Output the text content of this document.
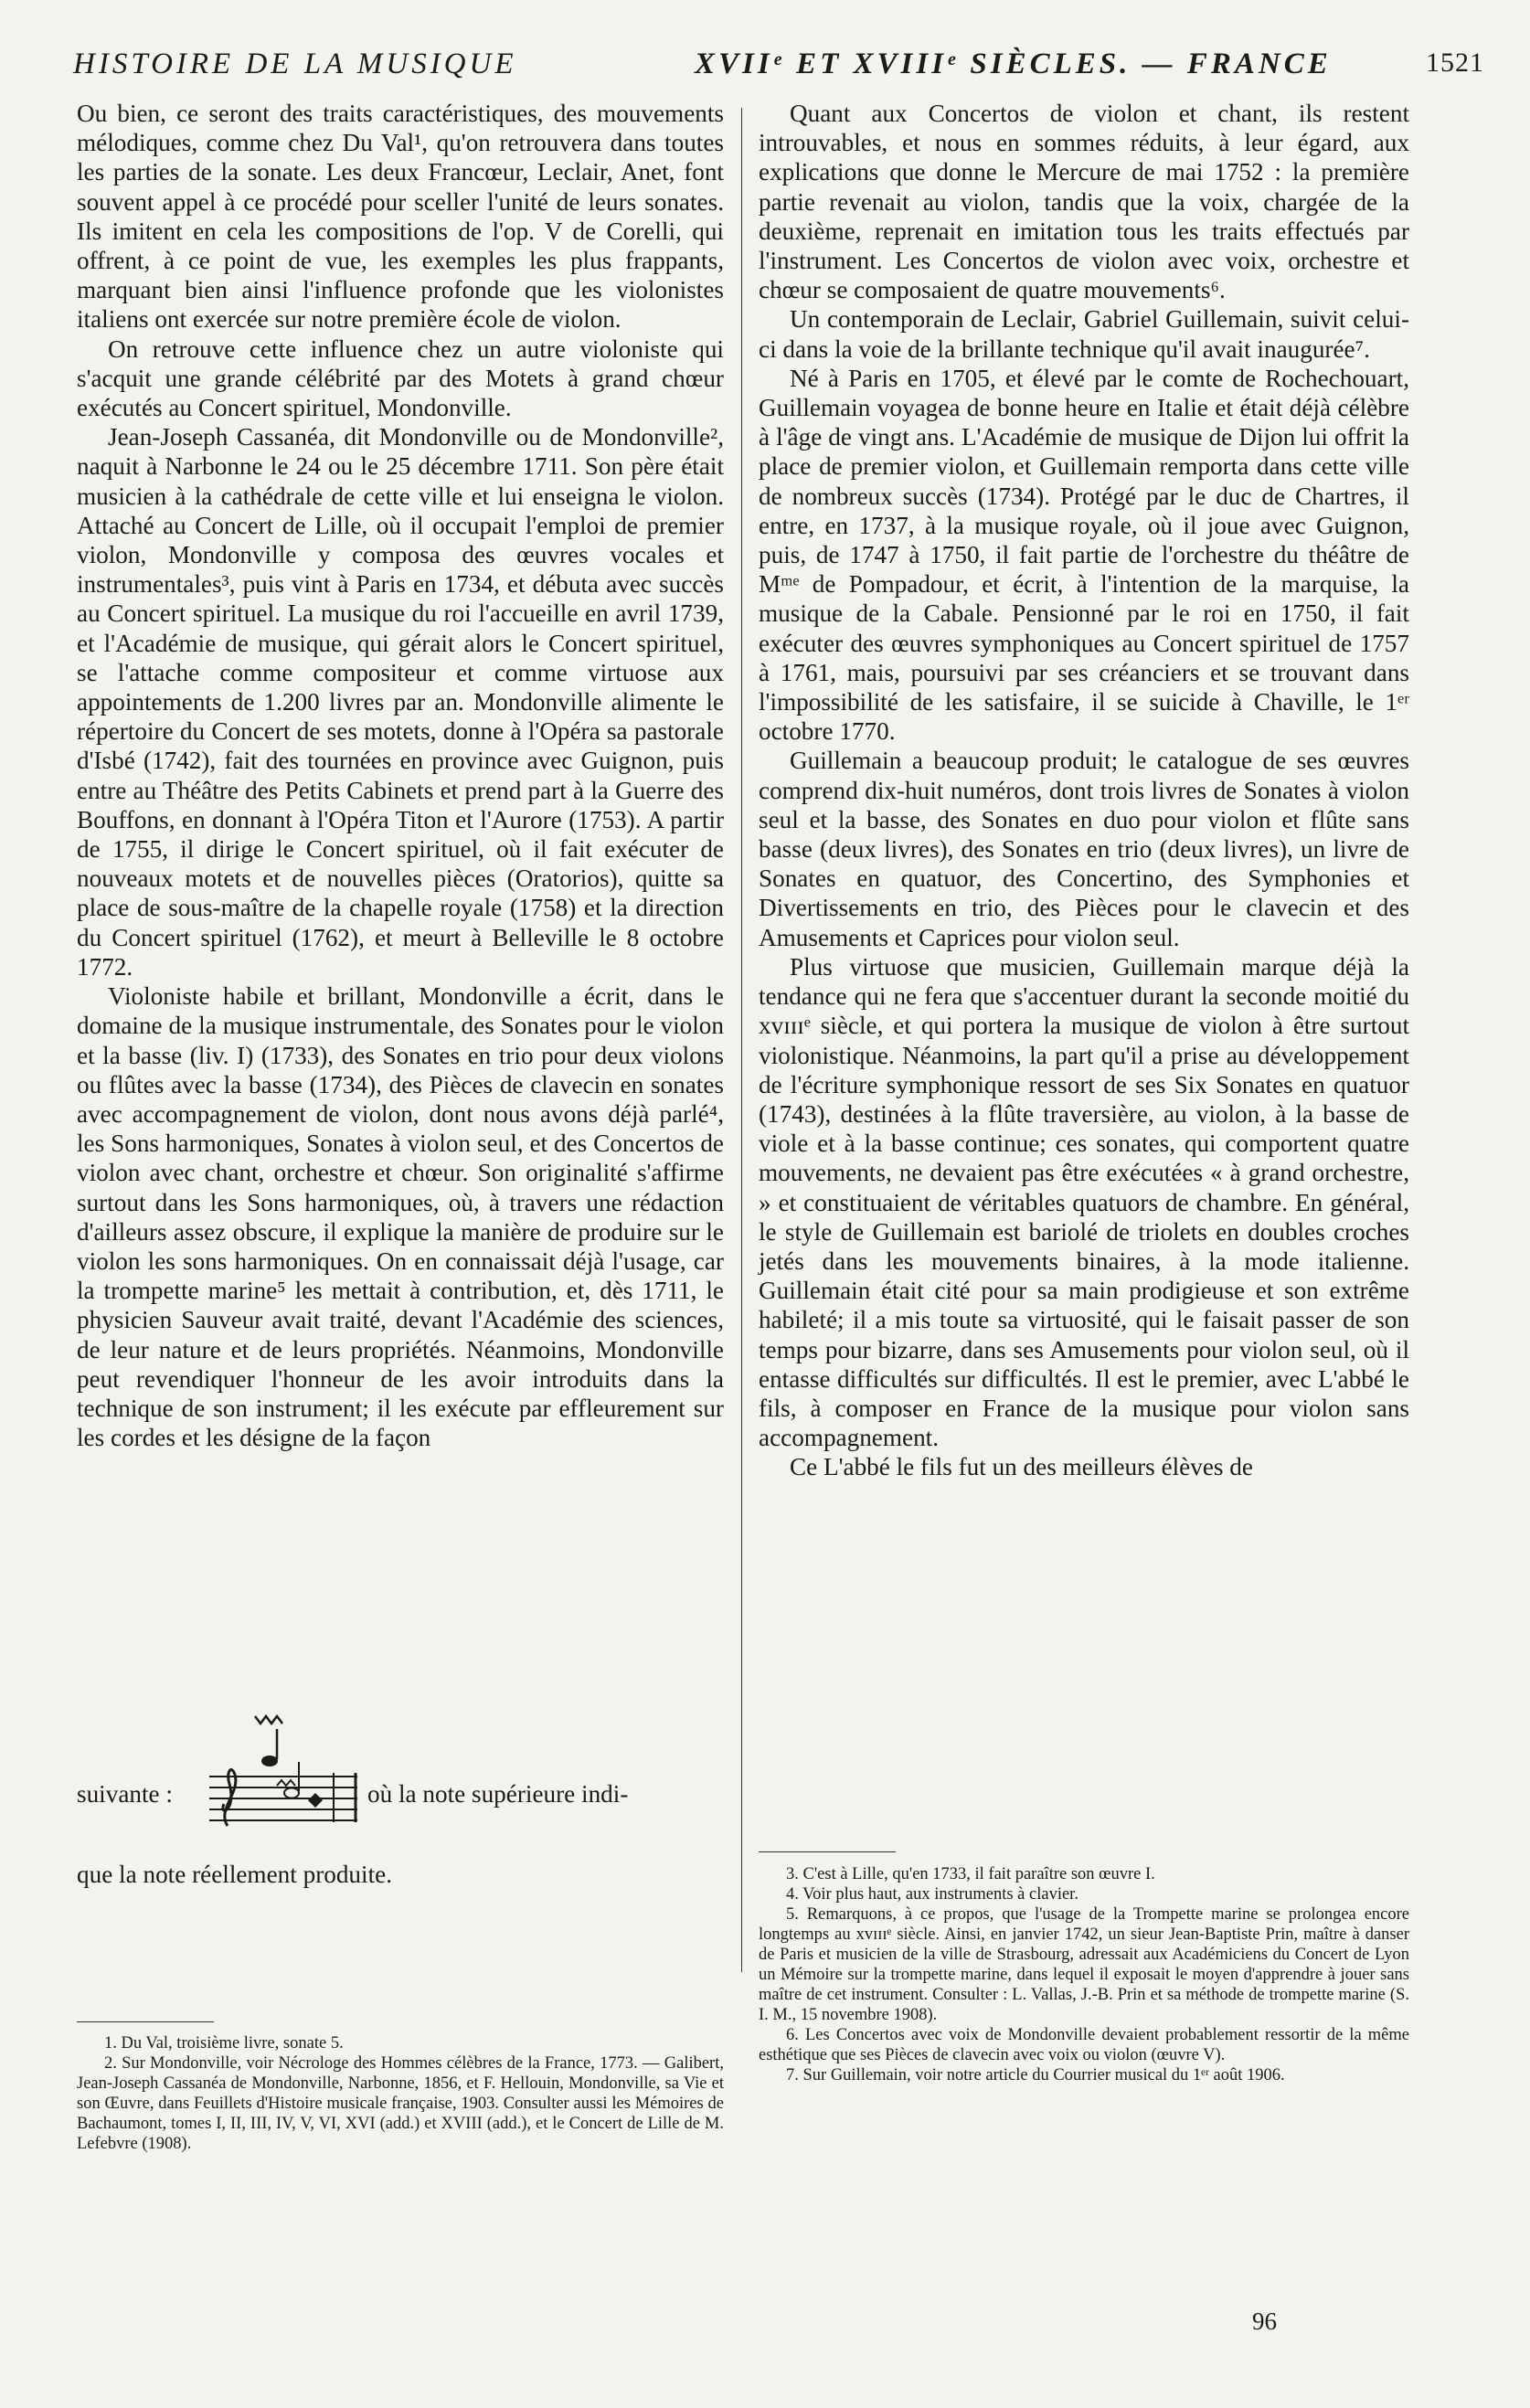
HISTOIRE DE LA MUSIQUE	XVIIᵉ ET XVIIIᵉ SIÈCLES. — FRANCE	1521

Ou bien, ce seront des traits caractéristiques, des mouvements mélodiques, comme chez Du Val¹, qu'on retrouvera dans toutes les parties de la sonate. Les deux Francœur, Leclair, Anet, font souvent appel à ce procédé pour sceller l'unité de leurs sonates. Ils imitent en cela les compositions de l'op. V de Corelli, qui offrent, à ce point de vue, les exemples les plus frappants, marquant bien ainsi l'influence profonde que les violonistes italiens ont exercée sur notre première école de violon.

On retrouve cette influence chez un autre violoniste qui s'acquit une grande célébrité par des Motets à grand chœur exécutés au Concert spirituel, Mondonville.

Jean-Joseph Cassanéa, dit Mondonville ou de Mondonville², naquit à Narbonne le 24 ou le 25 décembre 1711. Son père était musicien à la cathédrale de cette ville et lui enseigna le violon. Attaché au Concert de Lille, où il occupait l'emploi de premier violon, Mondonville y composa des œuvres vocales et instrumentales³, puis vint à Paris en 1734, et débuta avec succès au Concert spirituel. La musique du roi l'accueille en avril 1739, et l'Académie de musique, qui gérait alors le Concert spirituel, se l'attache comme compositeur et comme virtuose aux appointements de 1.200 livres par an. Mondonville alimente le répertoire du Concert de ses motets, donne à l'Opéra sa pastorale d'Isbé (1742), fait des tournées en province avec Guignon, puis entre au Théâtre des Petits Cabinets et prend part à la Guerre des Bouffons, en donnant à l'Opéra Titon et l'Aurore (1753). A partir de 1755, il dirige le Concert spirituel, où il fait exécuter de nouveaux motets et de nouvelles pièces (Oratorios), quitte sa place de sous-maître de la chapelle royale (1758) et la direction du Concert spirituel (1762), et meurt à Belleville le 8 octobre 1772.

Violoniste habile et brillant, Mondonville a écrit, dans le domaine de la musique instrumentale, des Sonates pour le violon et la basse (liv. I) (1733), des Sonates en trio pour deux violons ou flûtes avec la basse (1734), des Pièces de clavecin en sonates avec accompagnement de violon, dont nous avons déjà parlé⁴, les Sons harmoniques, Sonates à violon seul, et des Concertos de violon avec chant, orchestre et chœur. Son originalité s'affirme surtout dans les Sons harmoniques, où, à travers une rédaction d'ailleurs assez obscure, il explique la manière de produire sur le violon les sons harmoniques. On en connaissait déjà l'usage, car la trompette marine⁵ les mettait à contribution, et, dès 1711, le physicien Sauveur avait traité, devant l'Académie des sciences, de leur nature et de leurs propriétés. Néanmoins, Mondonville peut revendiquer l'honneur de les avoir introduits dans la technique de son instrument; il les exécute par effleurement sur les cordes et les désigne de la façon

suivante :	où la note supérieure indi-
que la note réellement produite.

Quant aux Concertos de violon et chant, ils restent introuvables, et nous en sommes réduits, à leur égard, aux explications que donne le Mercure de mai 1752 : la première partie revenait au violon, tandis que la voix, chargée de la deuxième, reprenait en imitation tous les traits effectués par l'instrument. Les Concertos de violon avec voix, orchestre et chœur se composaient de quatre mouvements⁶.

Un contemporain de Leclair, Gabriel Guillemain, suivit celui-ci dans la voie de la brillante technique qu'il avait inaugurée⁷.

Né à Paris en 1705, et élevé par le comte de Rochechouart, Guillemain voyagea de bonne heure en Italie et était déjà célèbre à l'âge de vingt ans. L'Académie de musique de Dijon lui offrit la place de premier violon, et Guillemain remporta dans cette ville de nombreux succès (1734). Protégé par le duc de Chartres, il entre, en 1737, à la musique royale, où il joue avec Guignon, puis, de 1747 à 1750, il fait partie de l'orchestre du théâtre de Mᵐᵉ de Pompadour, et écrit, à l'intention de la marquise, la musique de la Cabale. Pensionné par le roi en 1750, il fait exécuter des œuvres symphoniques au Concert spirituel de 1757 à 1761, mais, poursuivi par ses créanciers et se trouvant dans l'impossibilité de les satisfaire, il se suicide à Chaville, le 1ᵉʳ octobre 1770.

Guillemain a beaucoup produit; le catalogue de ses œuvres comprend dix-huit numéros, dont trois livres de Sonates à violon seul et la basse, des Sonates en duo pour violon et flûte sans basse (deux livres), des Sonates en trio (deux livres), un livre de Sonates en quatuor, des Concertino, des Symphonies et Divertissements en trio, des Pièces pour le clavecin et des Amusements et Caprices pour violon seul.

Plus virtuose que musicien, Guillemain marque déjà la tendance qui ne fera que s'accentuer durant la seconde moitié du xᴠɪɪɪᵉ siècle, et qui portera la musique de violon à être surtout violonistique. Néanmoins, la part qu'il a prise au développement de l'écriture symphonique ressort de ses Six Sonates en quatuor (1743), destinées à la flûte traversière, au violon, à la basse de viole et à la basse continue; ces sonates, qui comportent quatre mouvements, ne devaient pas être exécutées « à grand orchestre, » et constituaient de véritables quatuors de chambre. En général, le style de Guillemain est bariolé de triolets en doubles croches jetés dans les mouvements binaires, à la mode italienne. Guillemain était cité pour sa main prodigieuse et son extrême habileté; il a mis toute sa virtuosité, qui le faisait passer de son temps pour bizarre, dans ses Amusements pour violon seul, où il entasse difficultés sur difficultés. Il est le premier, avec L'abbé le fils, à composer en France de la musique pour violon sans accompagnement.

Ce L'abbé le fils fut un des meilleurs élèves de

1. Du Val, troisième livre, sonate 5.

2. Sur Mondonville, voir Nécrologe des Hommes célèbres de la France, 1773. — Galibert, Jean-Joseph Cassanéa de Mondonville, Narbonne, 1856, et F. Hellouin, Mondonville, sa Vie et son Œuvre, dans Feuillets d'Histoire musicale française, 1903. Consulter aussi les Mémoires de Bachaumont, tomes I, II, III, IV, V, VI, XVI (add.) et XVIII (add.), et le Concert de Lille de M. Lefebvre (1908).

3. C'est à Lille, qu'en 1733, il fait paraître son œuvre I.

4. Voir plus haut, aux instruments à clavier.

5. Remarquons, à ce propos, que l'usage de la Trompette marine se prolongea encore longtemps au xᴠɪɪɪᵉ siècle. Ainsi, en janvier 1742, un sieur Jean-Baptiste Prin, maître à danser de Paris et musicien de la ville de Strasbourg, adressait aux Académiciens du Concert de Lyon un Mémoire sur la trompette marine, dans lequel il exposait le moyen d'apprendre à jouer sans maître de cet instrument. Consulter : L. Vallas, J.-B. Prin et sa méthode de trompette marine (S. I. M., 15 novembre 1908).

6. Les Concertos avec voix de Mondonville devaient probablement ressortir de la même esthétique que ses Pièces de clavecin avec voix ou violon (œuvre V).

7. Sur Guillemain, voir notre article du Courrier musical du 1ᵉʳ août 1906.

96
